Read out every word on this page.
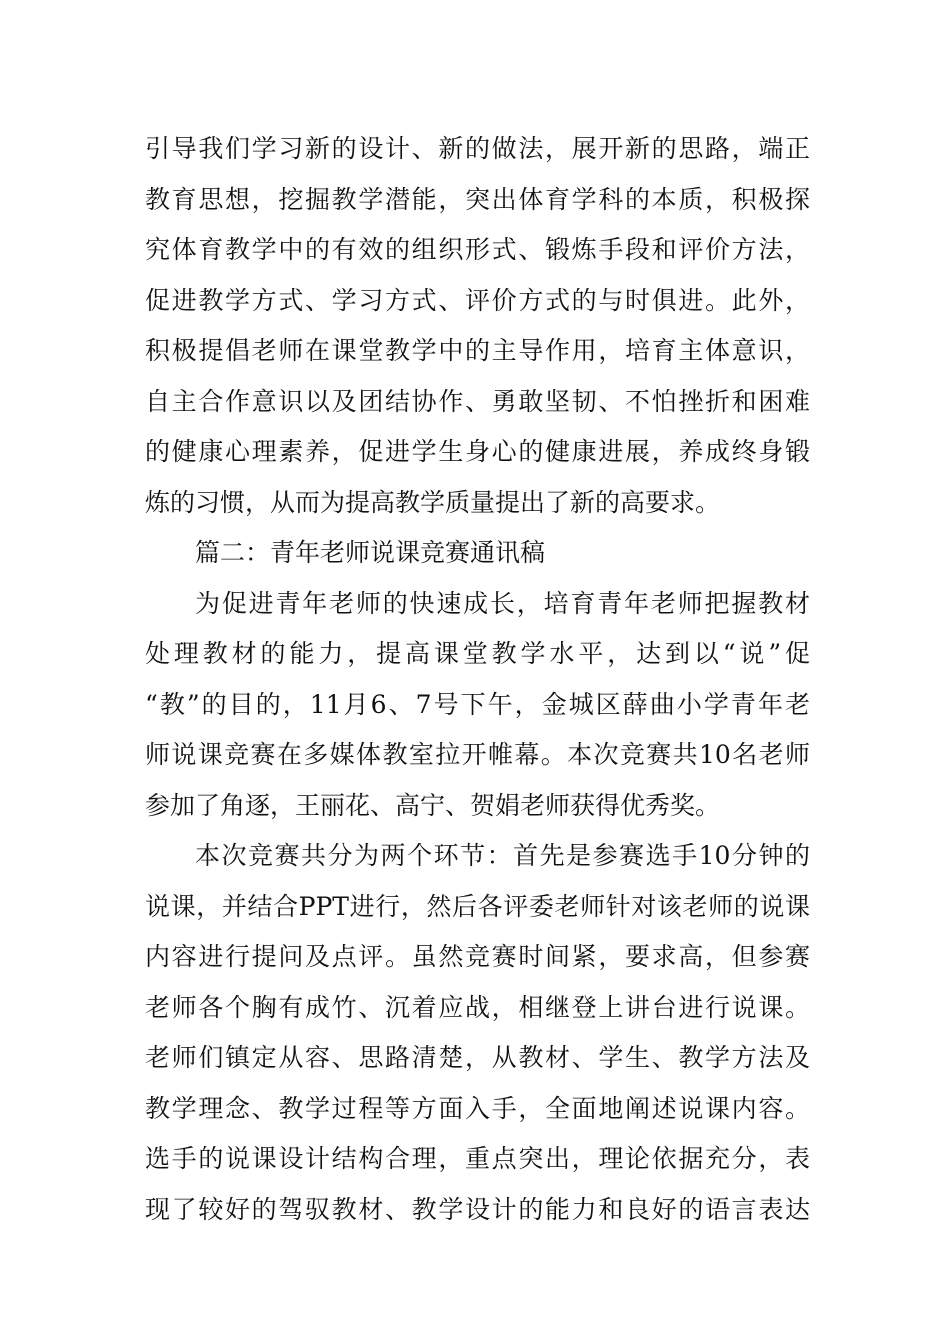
引导我们学习新的设计、新的做法，展开新的思路，端正
教育思想，挖掘教学潜能，突出体育学科的本质，积极探
究体育教学中的有效的组织形式、锻炼手段和评价方法，
促进教学方式、学习方式、评价方式的与时俱进。此外，
积极提倡老师在课堂教学中的主导作用，培育主体意识，
自主合作意识以及团结协作、勇敢坚韧、不怕挫折和困难
的健康心理素养，促进学生身心的健康进展，养成终身锻
炼的习惯，从而为提高教学质量提出了新的高要求。
篇二：青年老师说课竞赛通讯稿
为促进青年老师的快速成长，培育青年老师把握教材
处理教材的能力，提高课堂教学水平，达到以“说”促
“教”的目的，11月6、7号下午，金城区薛曲小学青年老
师说课竞赛在多媒体教室拉开帷幕。本次竞赛共10名老师
参加了角逐，王丽花、高宁、贺娟老师获得优秀奖。
本次竞赛共分为两个环节：首先是参赛选手10分钟的
说课，并结合PPT进行，然后各评委老师针对该老师的说课
内容进行提问及点评。虽然竞赛时间紧，要求高，但参赛
老师各个胸有成竹、沉着应战，相继登上讲台进行说课。
老师们镇定从容、思路清楚，从教材、学生、教学方法及
教学理念、教学过程等方面入手，全面地阐述说课内容。
选手的说课设计结构合理，重点突出，理论依据充分，表
现了较好的驾驭教材、教学设计的能力和良好的语言表达
